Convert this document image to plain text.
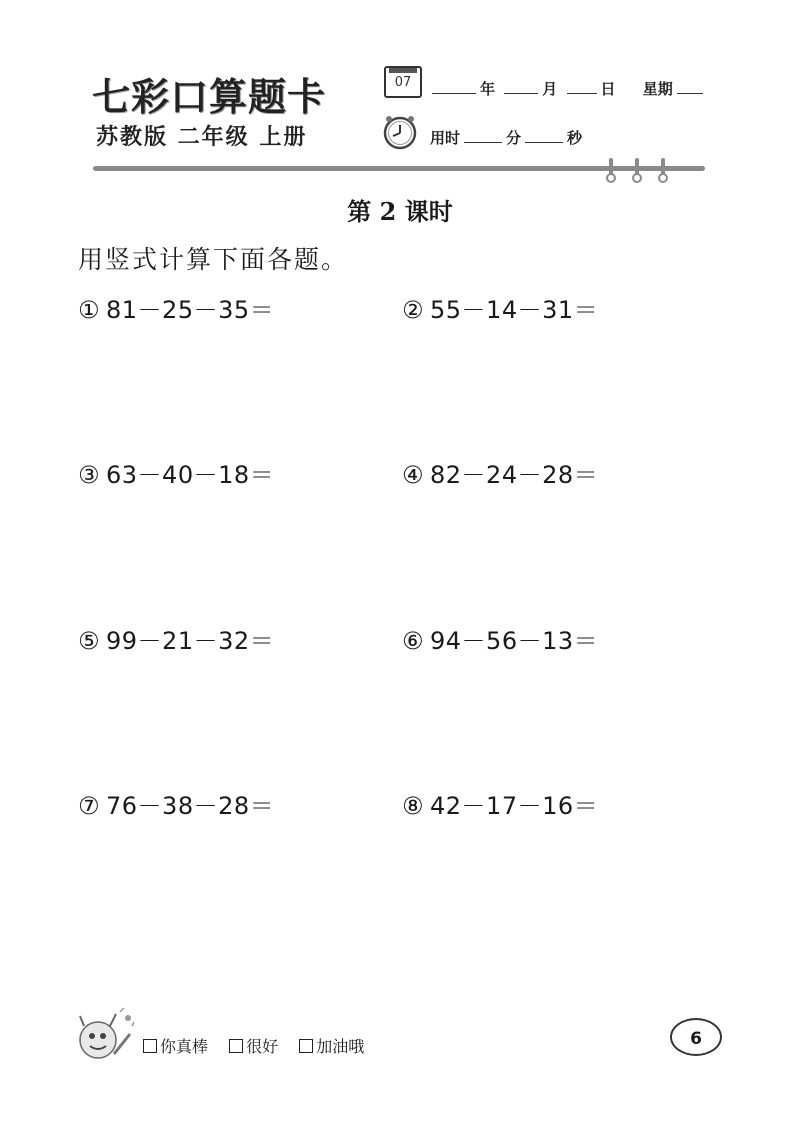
七彩口算题卡
苏教版 二年级 上册
07	年	月	日 星期
用时	分	秒
第 2 课时
用竖式计算下面各题。
① 81－25－35＝	② 55－14－31＝
③ 63－40－18＝	④ 82－24－28＝
⑤ 99－21－32＝	⑥ 94－56－13＝
⑦ 76－38－28＝	⑧ 42－17－16＝
你真棒 很好 加油哦	6
